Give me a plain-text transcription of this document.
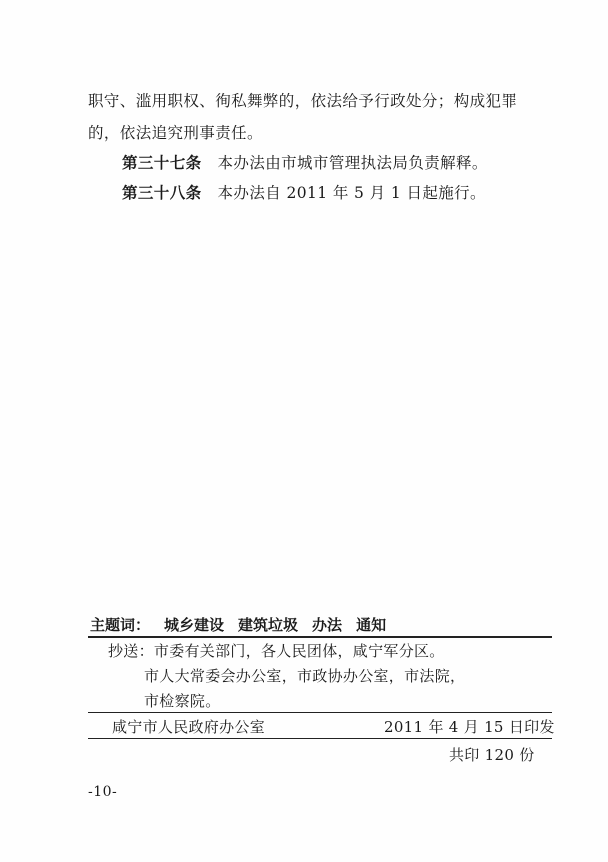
职守、滥用职权、徇私舞弊的，依法给予行政处分；构成犯罪
的，依法追究刑事责任。
第三十七条 本办法由市城市管理执法局负责解释。
第三十八条 本办法自 2011 年 5 月 1 日起施行。
主题词： 城乡建设 建筑垃圾 办法 通知
抄送：市委有关部门，各人民团体，咸宁军分区。
市人大常委会办公室，市政协办公室，市法院，
市检察院。
咸宁市人民政府办公室	2011 年 4 月 15 日印发
共印 120 份
-10-
